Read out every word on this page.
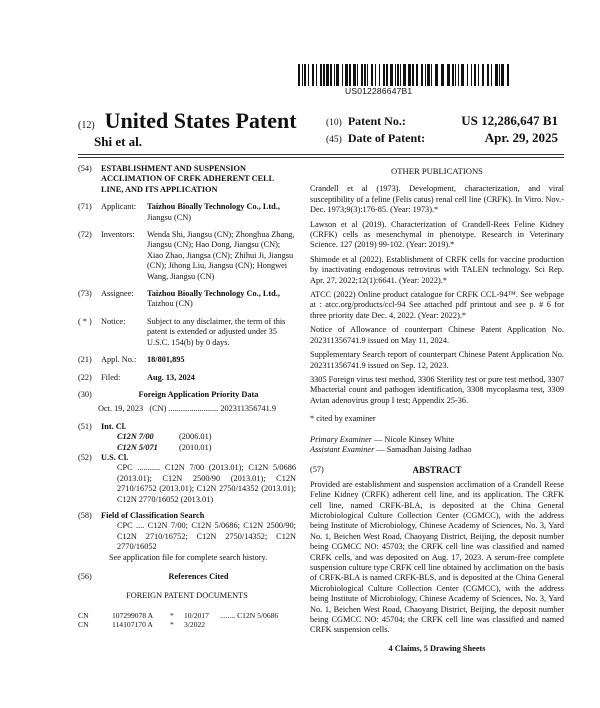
US012286647B1
(12) United States Patent
Shi et al.
(10) Patent No.:	US 12,286,647 B1
(45) Date of Patent:	Apr. 29, 2025
(54)	ESTABLISHMENT AND SUSPENSION ACCLIMATION OF CRFK ADHERENT CELL LINE, AND ITS APPLICATION
(71)	Applicant:	Taizhou Bioally Technology Co., Ltd.,
Jiangsu (CN)
(72)	Inventors:	Wenda Shi, Jiangsu (CN); Zhonghua Zhang, Jiangsu (CN); Hao Dong, Jiangsu (CN); Xiao Zhao, Jiangsa (CN); Zhihui Ji, Jiangsu (CN); Jihong Liu, Jiangsu (CN); Hongwei Wang, Jiangsu (CN)
(73)	Assignee:	Taizhou Bioally Technology Co., Ltd.,
Taizhou (CN)
( * )	Notice:	Subject to any disclaimer, the term of this patent is extended or adjusted under 35 U.S.C. 154(b) by 0 days.
(21)	Appl. No.:	18/801,895
(22)	Filed:	Aug. 13, 2024
(30)	Foreign Application Priority Data
Oct. 19, 2023   (CN) ........................ 202311356741.9
(51)	Int. Cl.
C12N 7/00	(2006.01)
C12N 5/071	(2010.01)
(52)	U.S. Cl.
CPC ........... C12N 7/00 (2013.01); C12N 5/0686 (2013.01); C12N 2500/90 (2013.01); C12N 2710/16752 (2013.01); C12N 2750/14352 (2013.01); C12N 2770/16052 (2013.01)
(58)	Field of Classification Search
CPC .... C12N 7/00; C12N 5/0686; C12N 2500/90; C12N 2710/16752; C12N 2750/14352; C12N 2770/16052
See application file for complete search history.
(56)	References Cited
FOREIGN PATENT DOCUMENTS
CN	107299078 A	*	10/2017	........ C12N 5/0686
CN	114107170 A	*	3/2022
OTHER PUBLICATIONS

Crandell et al (1973). Development, characterization, and viral susceptibility of a feline (Felis catus) renal cell line (CRFK). In Vitro. Nov.-Dec. 1973;9(3):176-85. (Year: 1973).*

Lawson et al (2019). Characterization of Crandell-Rees Feline Kidney (CRFK) cells as mesenchymal in phenotype. Research in Veterinary Science. 127 (2019) 99-102. (Year: 2019).*

Shimode et al (2022). Establishment of CRFK cells for vaccine production by inactivating endogenous retrovirus with TALEN technology. Sci Rep. Apr. 27, 2022;12(1):6641. (Year: 2022).*

ATCC (2022) Online product catalogue for CRFK CCL-94™. See webpage at : atcc.org/products/ccl-94 See attached pdf printout and see p. # 6 for three priority date Dec. 4, 2022. (Year: 2022).*

Notice of Allowance of counterpart Chinese Patent Application No. 202311356741.9 issued on May 11, 2024.

Supplementary Search report of counterpart Chinese Patent Application No. 202311356741.9 issued on Sep. 12, 2023.

3305 Foreign virus test method, 3306 Sterility test or pure test method, 3307 Mbacterial count and pathogen identification, 3308 mycoplasma test, 3309 Avian adenovirus group I test; Appendix 25-36.

* cited by examiner
Primary Examiner — Nicole Kinsey White
Assistant Examiner — Samadhan Jaising Jadhao
(57)	ABSTRACT

Provided are establishment and suspension acclimation of a Crandell Reese Feline Kidney (CRFK) adherent cell line, and its application. The CRFK cell line, named CRFK-BLA, is deposited at the China General Microbiological Culture Collection Center (CGMCC), with the address being Institute of Microbiology, Chinese Academy of Sciences, No. 3, Yard No. 1, Beichen West Road, Chaoyang District, Beijing, the deposit number being CGMCC NO: 45703; the CRFK cell line was classified and named CRFK cells, and was deposited on Aug. 17, 2023. A serum-free complete suspension culture type CRFK cell line obtained by acclimation on the basis of CRFK-BLA is named CRFK-BLS, and is deposited at the China General Microbiological Culture Collection Center (CGMCC), with the address being Institute of Microbiology, Chinese Academy of Sciences, No. 3, Yard No. 1, Beichen West Road, Chaoyang District, Beijing, the deposit number being CGMCC NO: 45704; the CRFK cell line was classified and named CRFK suspension cells.

4 Claims, 5 Drawing Sheets
